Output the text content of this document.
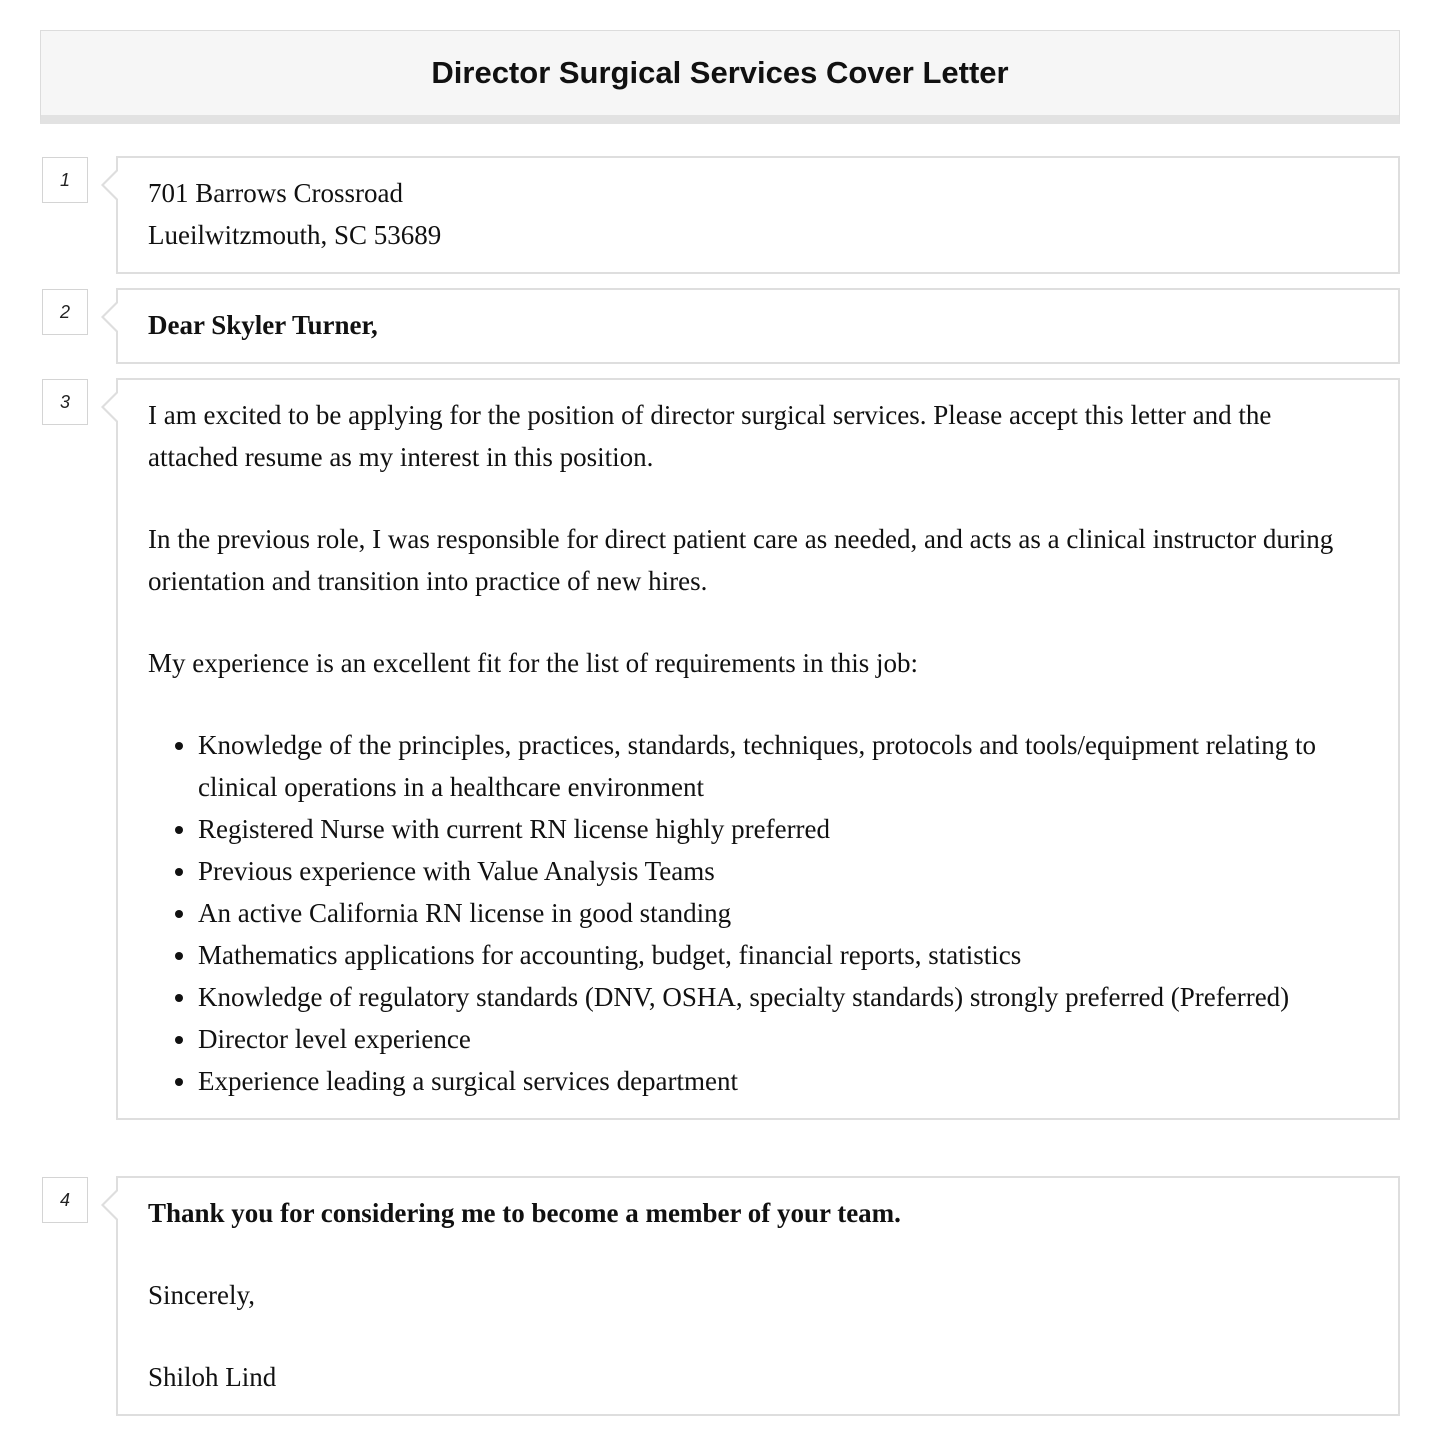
Director Surgical Services Cover Letter
1	701 Barrows Crossroad
Lueilwitzmouth, SC 53689
2	Dear Skyler Turner,
3	I am excited to be applying for the position of director surgical services. Please accept this letter and the attached resume as my interest in this position.

In the previous role, I was responsible for direct patient care as needed, and acts as a clinical instructor during orientation and transition into practice of new hires.

My experience is an excellent fit for the list of requirements in this job:

• Knowledge of the principles, practices, standards, techniques, protocols and tools/equipment relating to clinical operations in a healthcare environment
• Registered Nurse with current RN license highly preferred
• Previous experience with Value Analysis Teams
• An active California RN license in good standing
• Mathematics applications for accounting, budget, financial reports, statistics
• Knowledge of regulatory standards (DNV, OSHA, specialty standards) strongly preferred (Preferred)
• Director level experience
• Experience leading a surgical services department
4	Thank you for considering me to become a member of your team.

Sincerely,

Shiloh Lind
